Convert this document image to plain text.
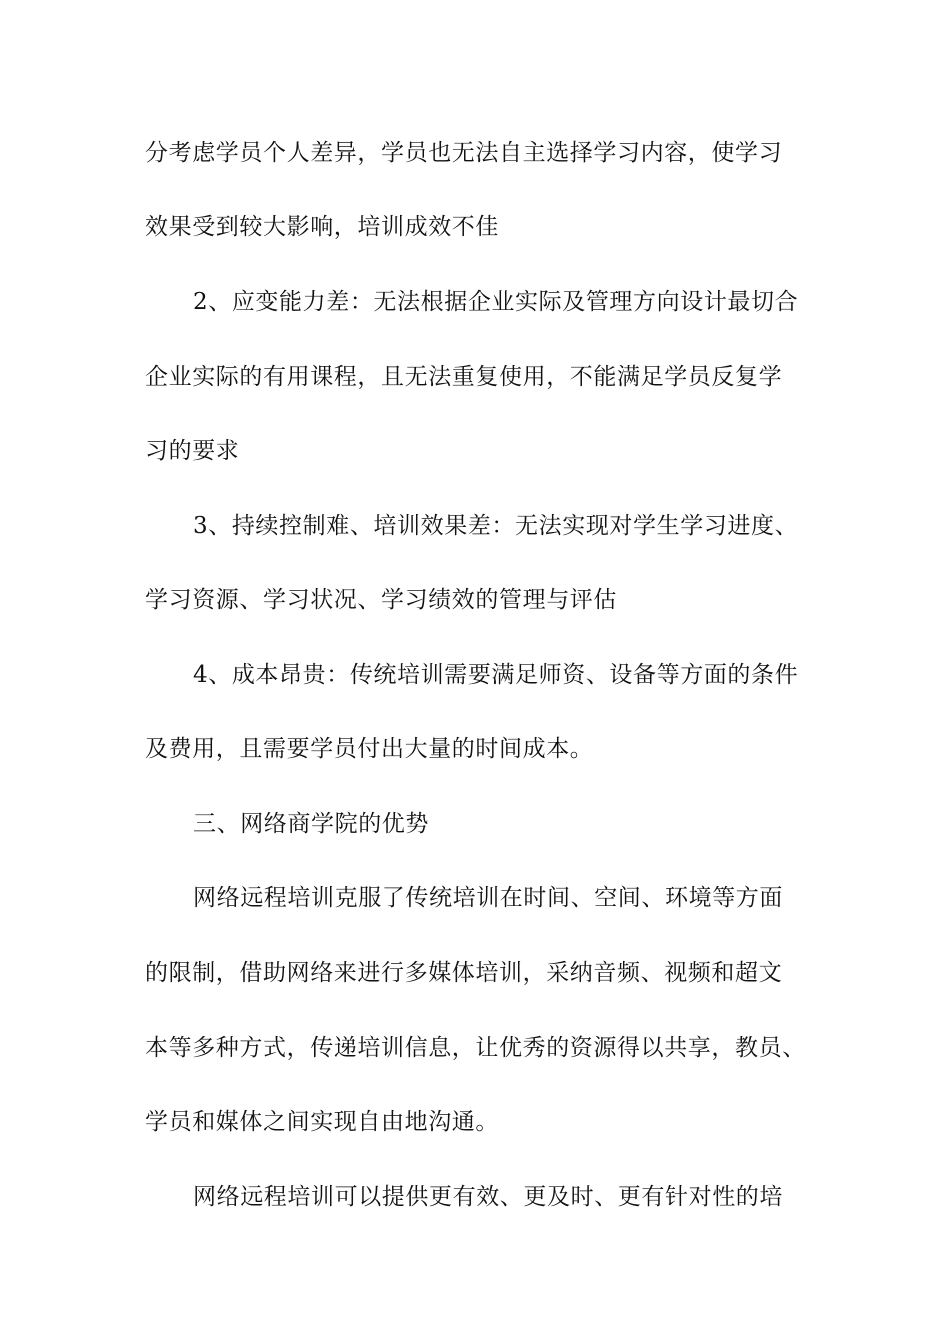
分考虑学员个人差异，学员也无法自主选择学习内容，使学习
效果受到较大影响，培训成效不佳
2、应变能力差：无法根据企业实际及管理方向设计最切合
企业实际的有用课程，且无法重复使用，不能满足学员反复学
习的要求
3、持续控制难、培训效果差：无法实现对学生学习进度、
学习资源、学习状况、学习绩效的管理与评估
4、成本昂贵：传统培训需要满足师资、设备等方面的条件
及费用，且需要学员付出大量的时间成本。
三、网络商学院的优势
网络远程培训克服了传统培训在时间、空间、环境等方面
的限制，借助网络来进行多媒体培训，采纳音频、视频和超文
本等多种方式，传递培训信息，让优秀的资源得以共享，教员、
学员和媒体之间实现自由地沟通。
网络远程培训可以提供更有效、更及时、更有针对性的培
